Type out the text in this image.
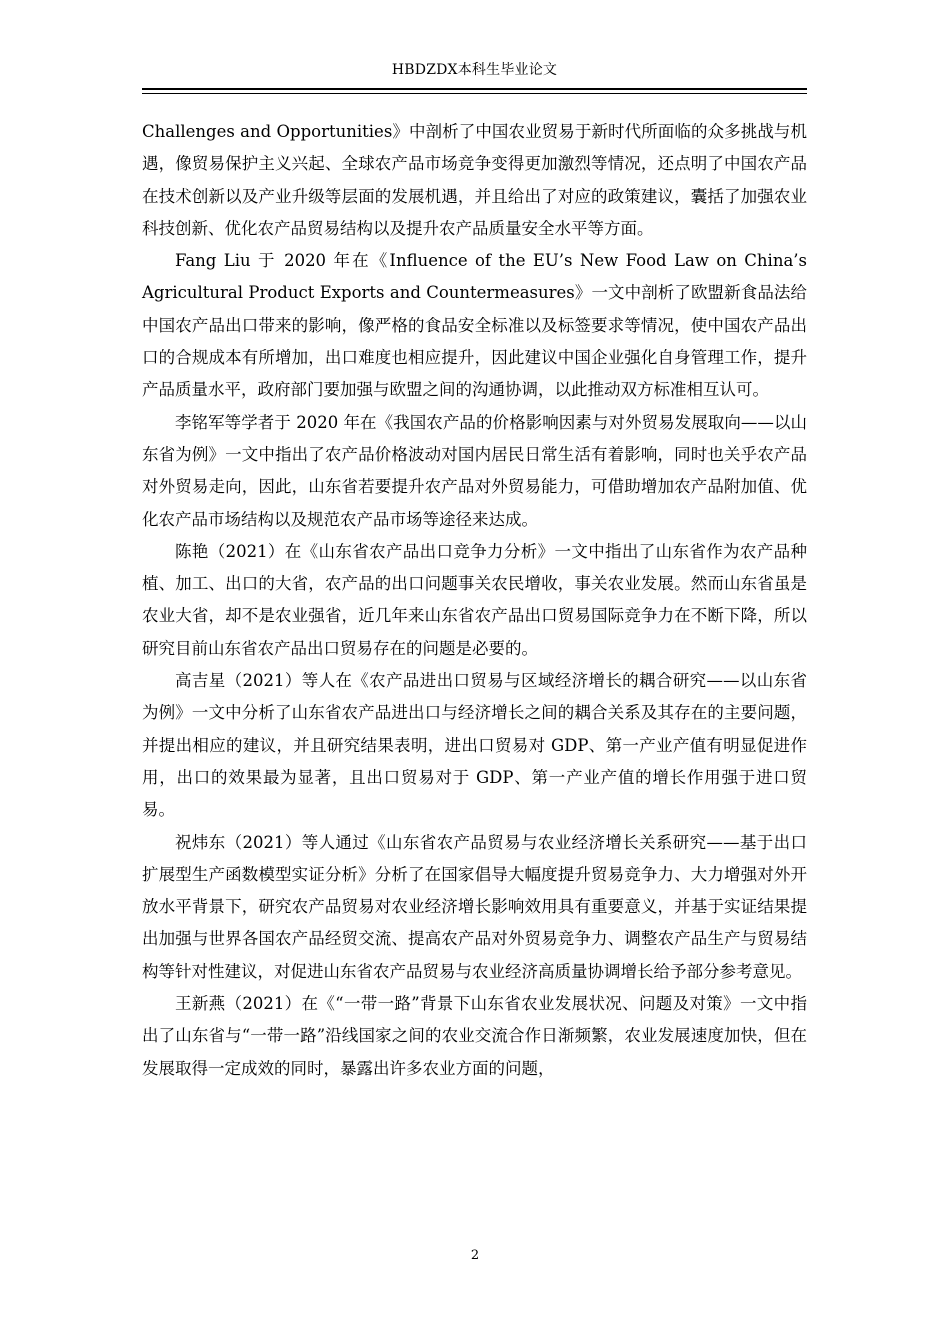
HBDZDX本科生毕业论文

Challenges and Opportunities》中剖析了中国农业贸易于新时代所面临的众多挑战与机遇，像贸易保护主义兴起、全球农产品市场竞争变得更加激烈等情况，还点明了中国农产品在技术创新以及产业升级等层面的发展机遇，并且给出了对应的政策建议，囊括了加强农业科技创新、优化农产品贸易结构以及提升农产品质量安全水平等方面。

Fang Liu 于 2020 年在《Influence of the EU’s New Food Law on China’s Agricultural Product Exports and Countermeasures》一文中剖析了欧盟新食品法给中国农产品出口带来的影响，像严格的食品安全标准以及标签要求等情况，使中国农产品出口的合规成本有所增加，出口难度也相应提升，因此建议中国企业强化自身管理工作，提升产品质量水平，政府部门要加强与欧盟之间的沟通协调，以此推动双方标准相互认可。

李铭军等学者于 2020 年在《我国农产品的价格影响因素与对外贸易发展取向——以山东省为例》一文中指出了农产品价格波动对国内居民日常生活有着影响，同时也关乎农产品对外贸易走向，因此，山东省若要提升农产品对外贸易能力，可借助增加农产品附加值、优化农产品市场结构以及规范农产品市场等途径来达成。

陈艳（2021）在《山东省农产品出口竞争力分析》一文中指出了山东省作为农产品种植、加工、出口的大省，农产品的出口问题事关农民增收，事关农业发展。然而山东省虽是农业大省，却不是农业强省，近几年来山东省农产品出口贸易国际竞争力在不断下降，所以研究目前山东省农产品出口贸易存在的问题是必要的。

高吉星（2021）等人在《农产品进出口贸易与区域经济增长的耦合研究——以山东省为例》一文中分析了山东省农产品进出口与经济增长之间的耦合关系及其存在的主要问题，并提出相应的建议，并且研究结果表明，进出口贸易对 GDP、第一产业产值有明显促进作用，出口的效果最为显著，且出口贸易对于 GDP、第一产业产值的增长作用强于进口贸易。

祝炜东（2021）等人通过《山东省农产品贸易与农业经济增长关系研究——基于出口扩展型生产函数模型实证分析》分析了在国家倡导大幅度提升贸易竞争力、大力增强对外开放水平背景下，研究农产品贸易对农业经济增长影响效用具有重要意义，并基于实证结果提出加强与世界各国农产品经贸交流、提高农产品对外贸易竞争力、调整农产品生产与贸易结构等针对性建议，对促进山东省农产品贸易与农业经济高质量协调增长给予部分参考意见。

王新燕（2021）在《“一带一路”背景下山东省农业发展状况、问题及对策》一文中指出了山东省与“一带一路”沿线国家之间的农业交流合作日渐频繁，农业发展速度加快，但在发展取得一定成效的同时，暴露出许多农业方面的问题，

2
